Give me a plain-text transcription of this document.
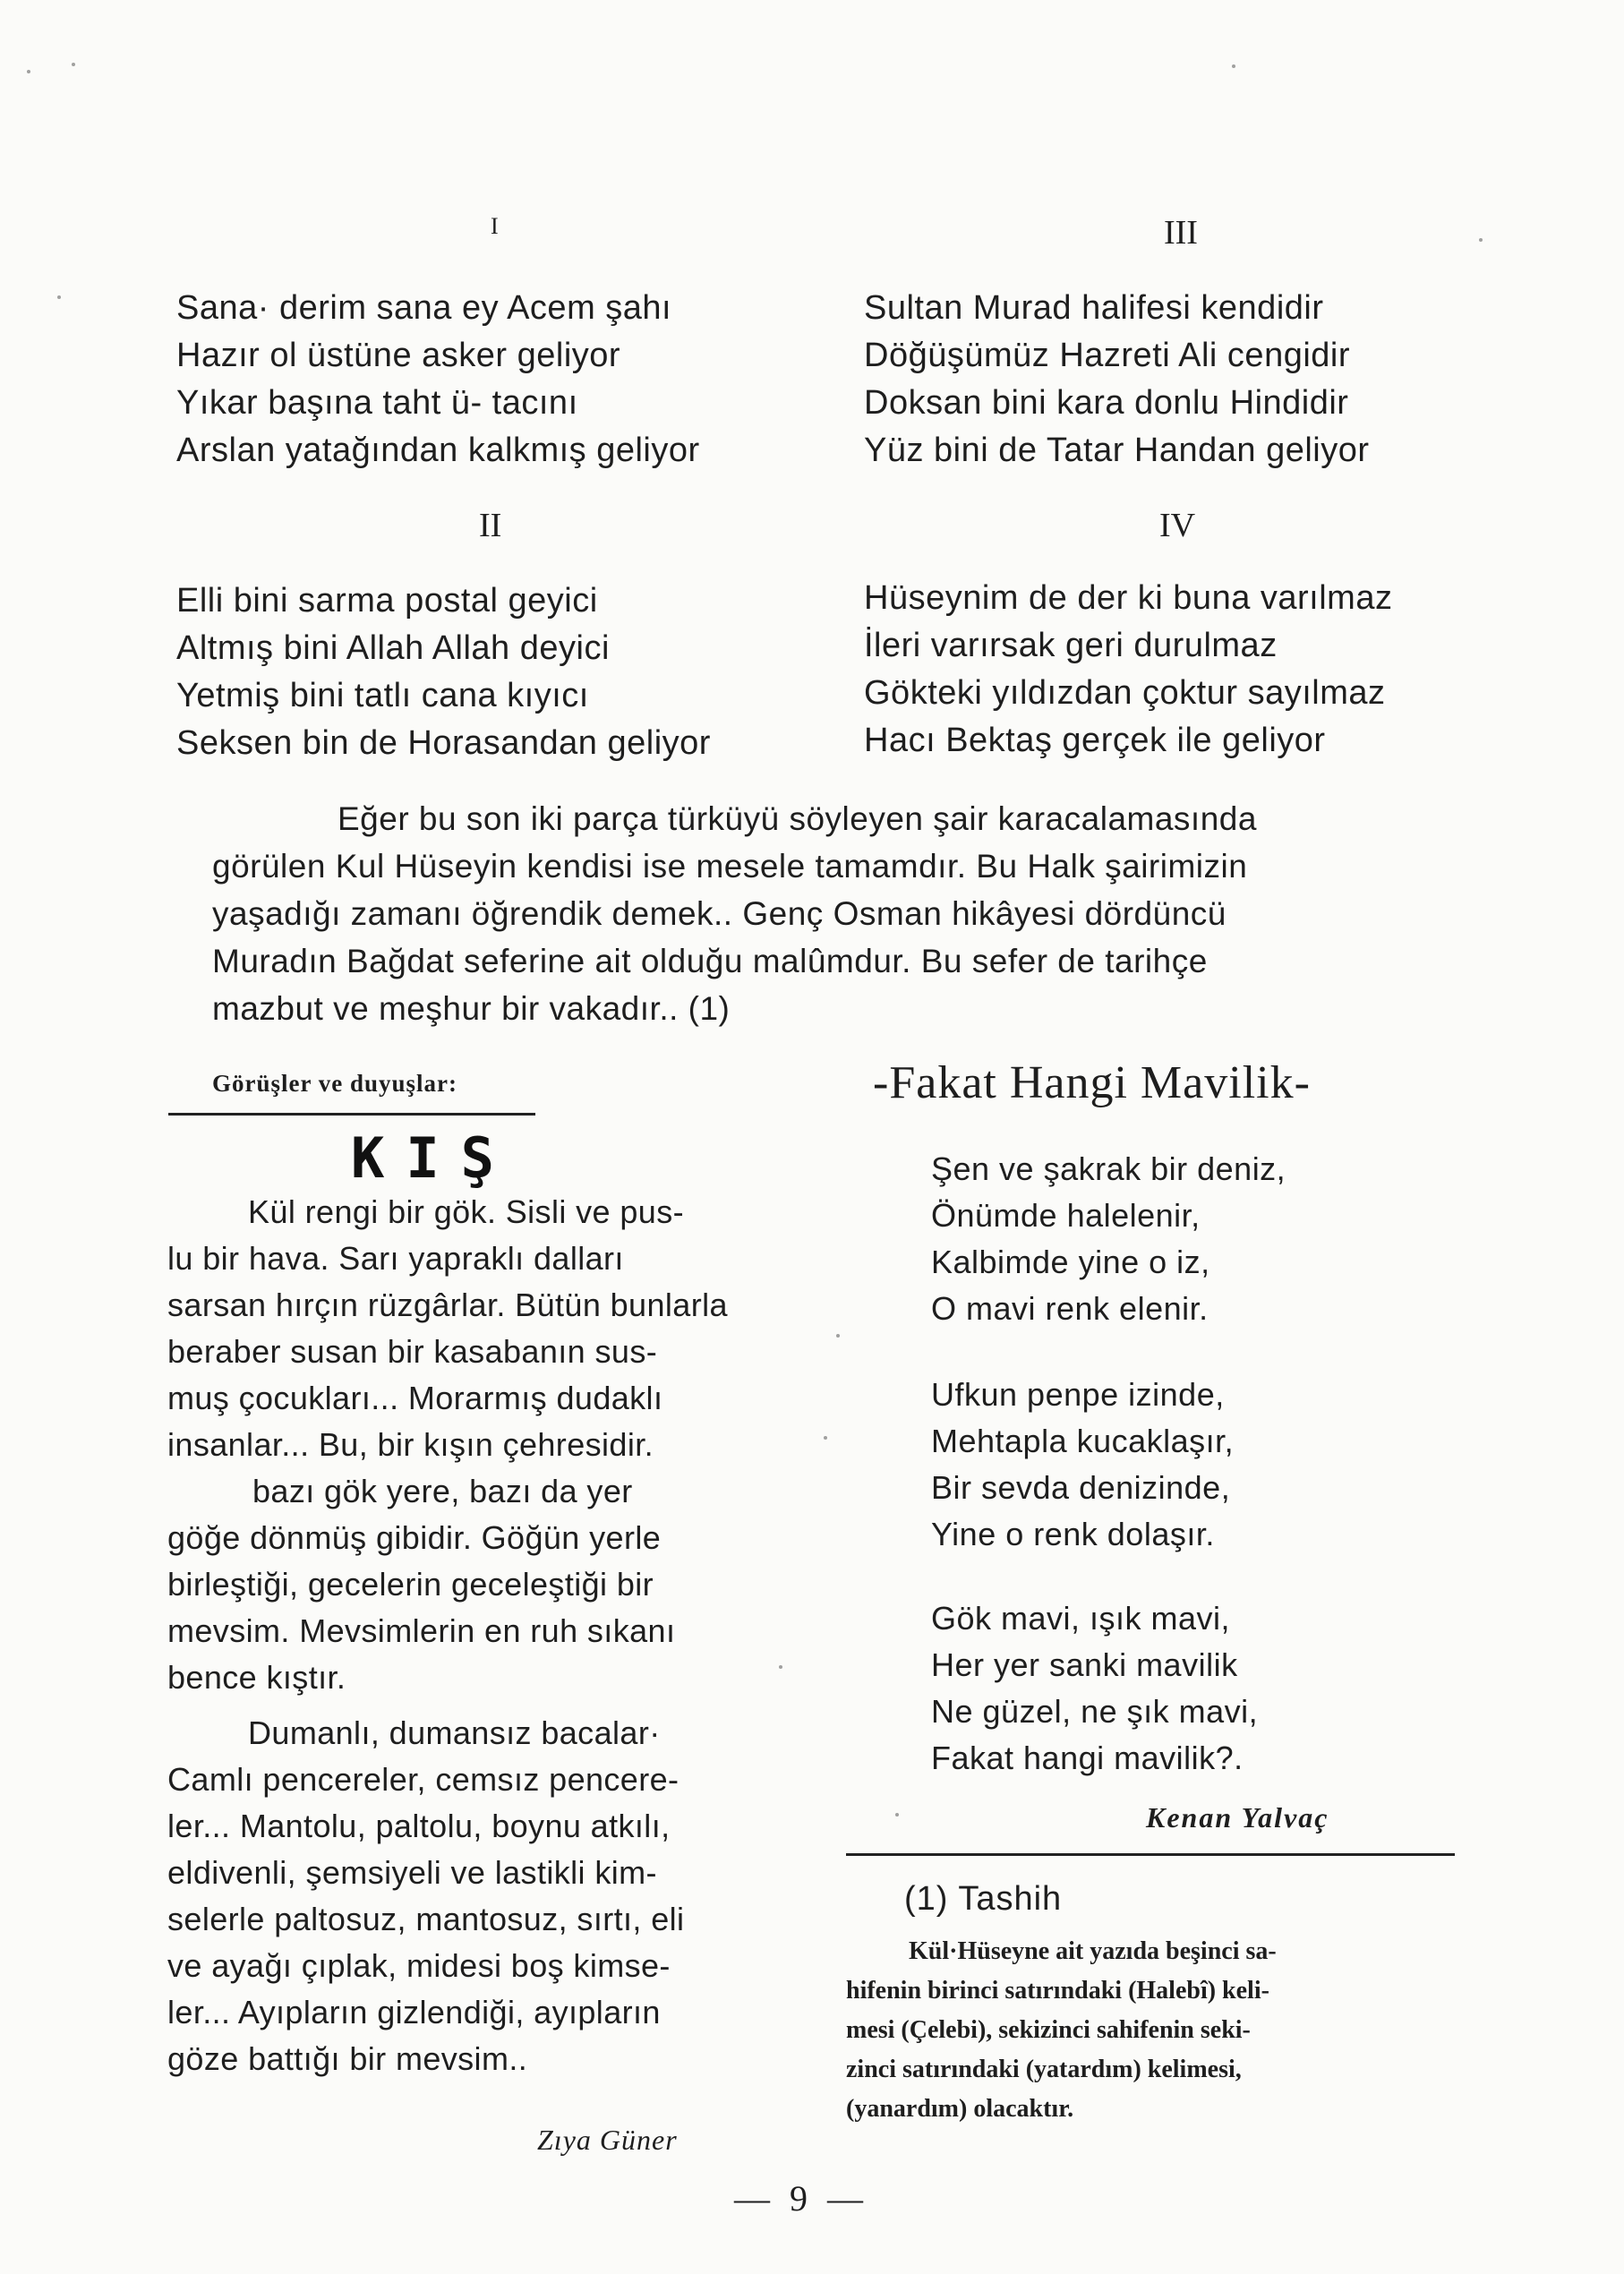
I
Sana· derim sana ey Acem şahı
Hazır ol üstüne asker geliyor
Yıkar başına taht ü- tacını
Arslan yatağından kalkmış geliyor
II
Elli bini sarma postal geyici
Altmış bini Allah Allah deyici
Yetmiş bini tatlı cana kıyıcı
Seksen bin de Horasandan geliyor
III
Sultan Murad halifesi kendidir
Döğüşümüz Hazreti Ali cengidir
Doksan bini kara donlu Hindidir
Yüz bini de Tatar Handan geliyor
IV
Hüseynim de der ki buna varılmaz
İleri varırsak geri durulmaz
Gökteki yıldızdan çoktur sayılmaz
Hacı Bektaş gerçek ile geliyor
Eğer bu son iki parça türküyü söyleyen şair karacalamasında
görülen Kul Hüseyin kendisi ise mesele tamamdır. Bu Halk şairimizin
yaşadığı zamanı öğrendik demek.. Genç Osman hikâyesi dördüncü
Muradın Bağdat seferine ait olduğu malûmdur. Bu sefer de tarihçe
mazbut ve meşhur bir vakadır.. (1)
Görüşler ve duyuşlar:
KIŞ
Kül rengi bir gök. Sisli ve pus-
lu bir hava. Sarı yapraklı dalları
sarsan hırçın rüzgârlar. Bütün bunlarla
beraber susan bir kasabanın sus-
muş çocukları... Morarmış dudaklı
insanlar... Bu, bir kışın çehresidir.
bazı gök yere, bazı da yer
göğe dönmüş gibidir. Göğün yerle
birleştiği, gecelerin geceleştiği bir
mevsim. Mevsimlerin en ruh sıkanı
bence kıştır.
Dumanlı, dumansız bacalar·
Camlı pencereler, cemsız pencere-
ler... Mantolu, paltolu, boynu atkılı,
eldivenli, şemsiyeli ve lastikli kim-
selerle paltosuz, mantosuz, sırtı, eli
ve ayağı çıplak, midesi boş kimse-
ler... Ayıpların gizlendiği, ayıpların
göze battığı bir mevsim..
Zıya Güner
-Fakat Hangi Mavilik-
Şen ve şakrak bir deniz,
Önümde halelenir,
Kalbimde yine o iz,
O mavi renk elenir.
Ufkun penpe izinde,
Mehtapla kucaklaşır,
Bir sevda denizinde,
Yine o renk dolaşır.
Gök mavi, ışık mavi,
Her yer sanki mavilik
Ne güzel, ne şık mavi,
Fakat hangi mavilik?.
Kenan Yalvaç
(1) Tashih
Kül·Hüseyne ait yazıda beşinci sa-
hifenin birinci satırındaki (Halebî) keli-
mesi (Çelebi), sekizinci sahifenin seki-
zinci satırındaki (yatardım) kelimesi,
(yanardım) olacaktır.
— 9 —
